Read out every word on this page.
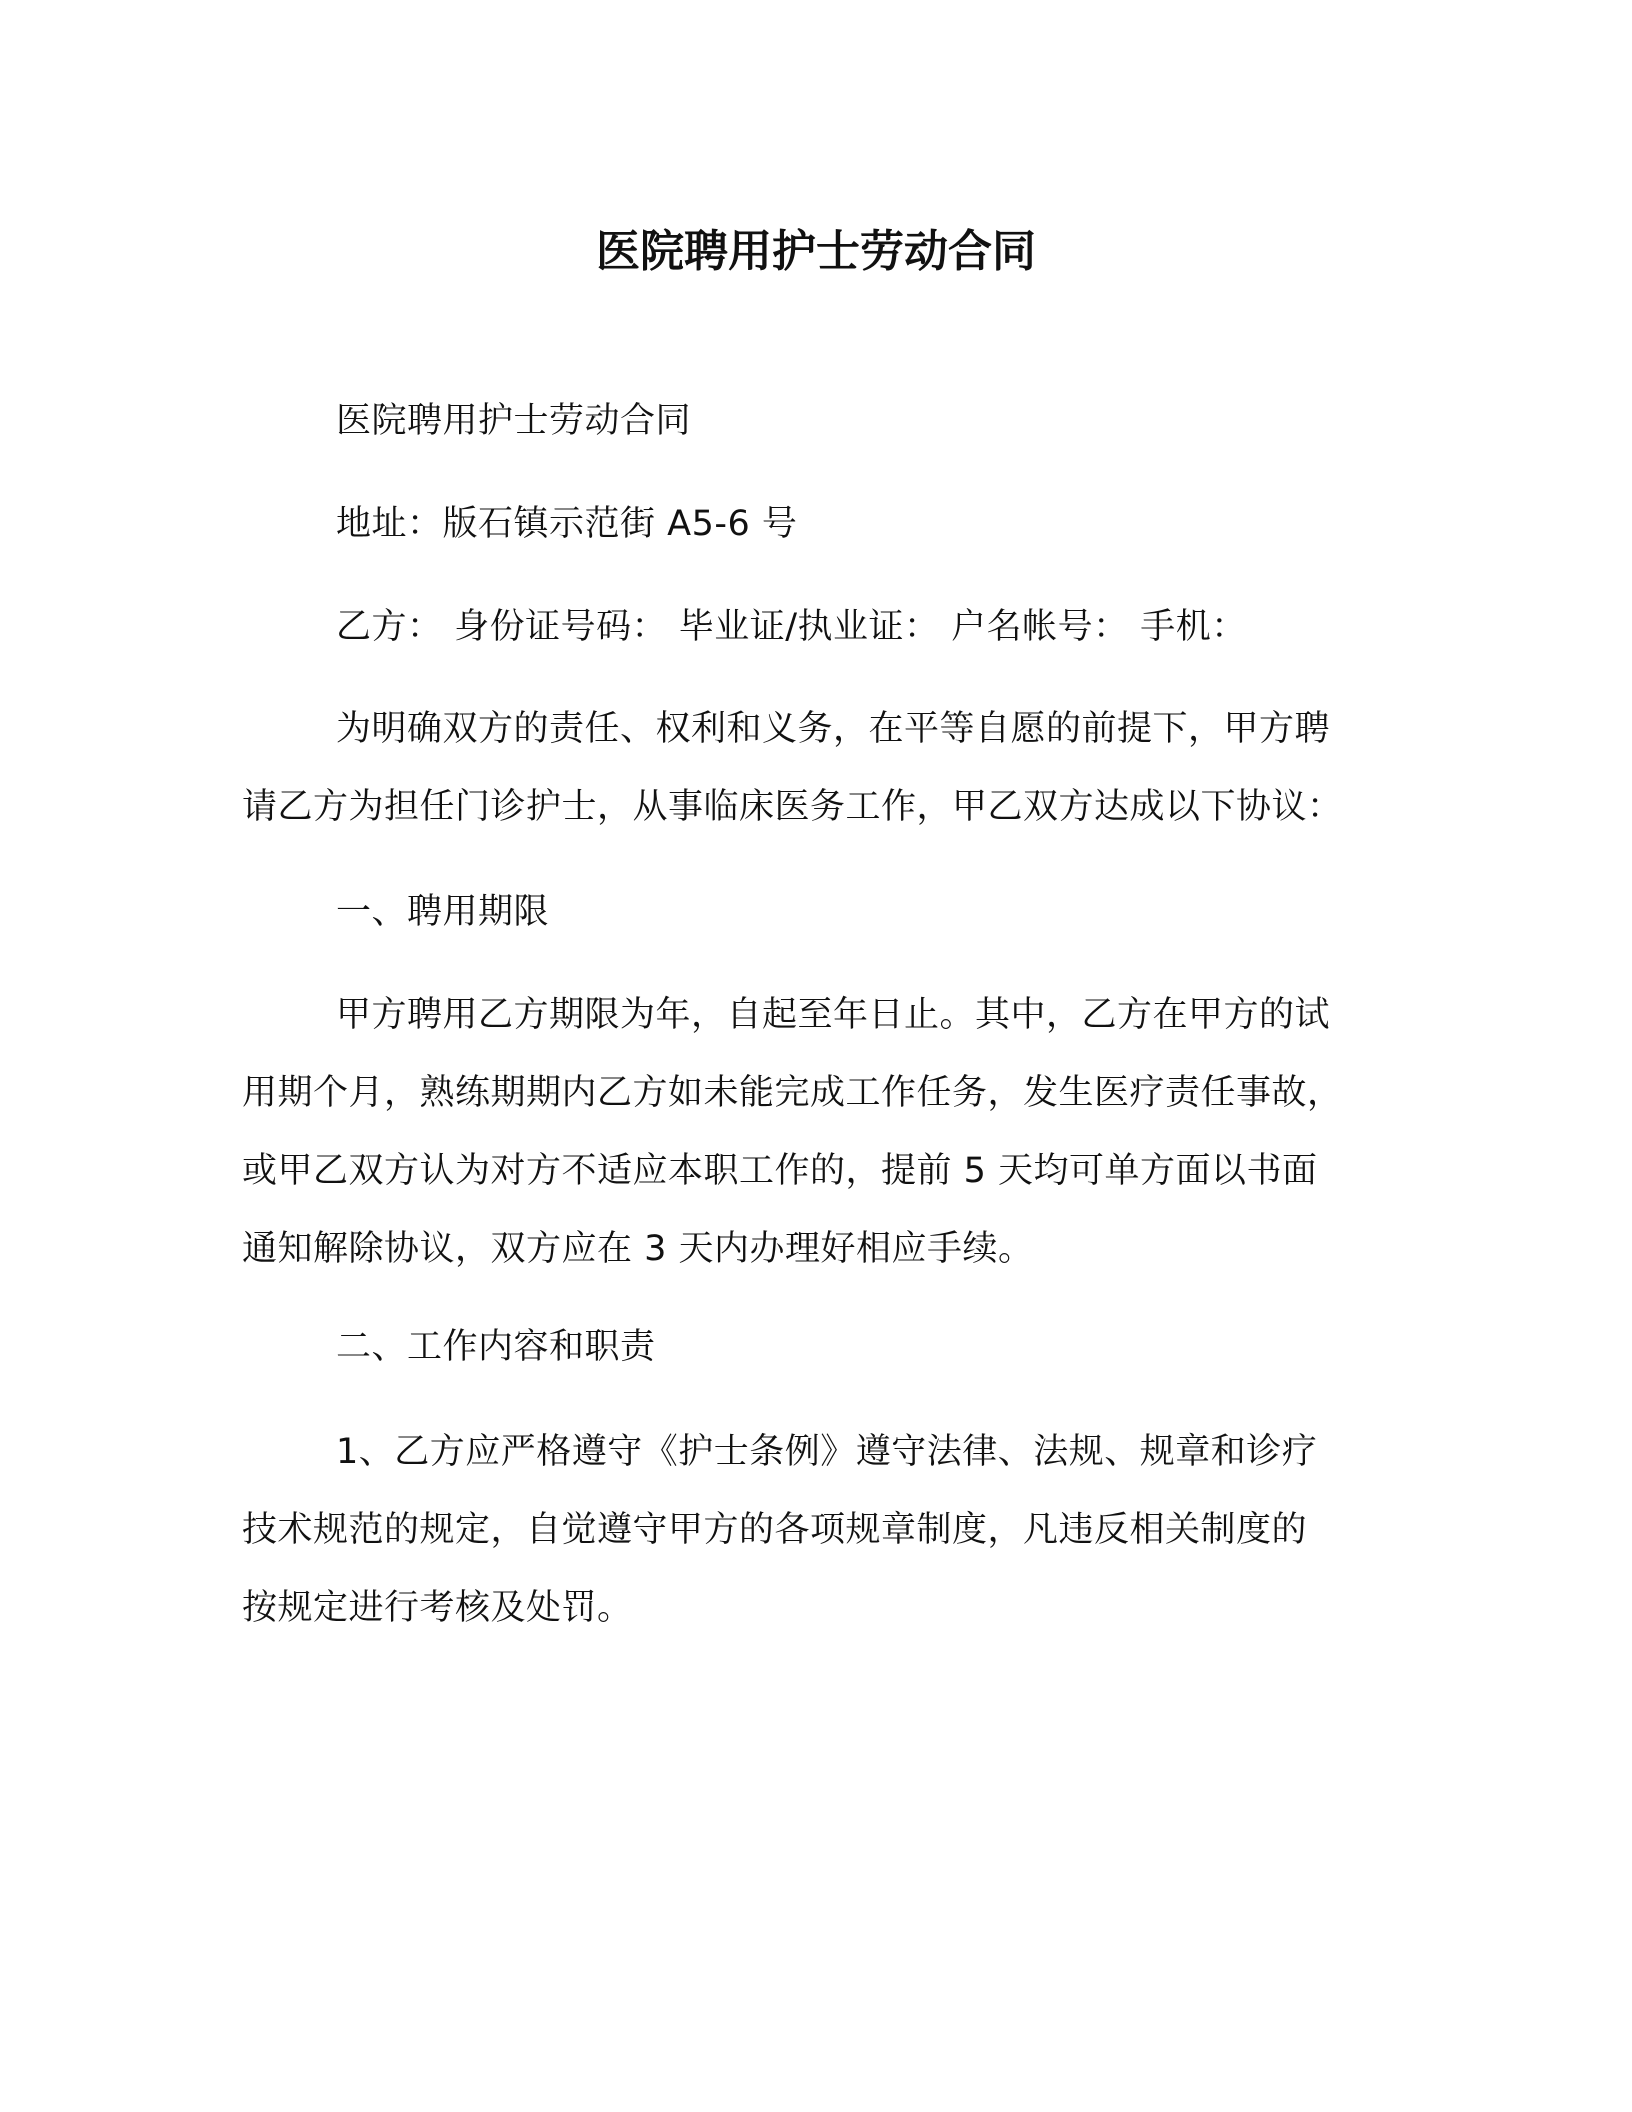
医院聘用护士劳动合同
医院聘用护士劳动合同
地址：版石镇示范街 A5-6 号
乙方： 身份证号码： 毕业证/执业证： 户名帐号： 手机：
为明确双方的责任、权利和义务，在平等自愿的前提下，甲方聘
请乙方为担任门诊护士，从事临床医务工作，甲乙双方达成以下协议：
一、聘用期限
甲方聘用乙方期限为年，自起至年日止。其中，乙方在甲方的试
用期个月，熟练期期内乙方如未能完成工作任务，发生医疗责任事故，
或甲乙双方认为对方不适应本职工作的，提前 5 天均可单方面以书面
通知解除协议，双方应在 3 天内办理好相应手续。
二、工作内容和职责
1、乙方应严格遵守《护士条例》遵守法律、法规、规章和诊疗
技术规范的规定，自觉遵守甲方的各项规章制度，凡违反相关制度的
按规定进行考核及处罚。
